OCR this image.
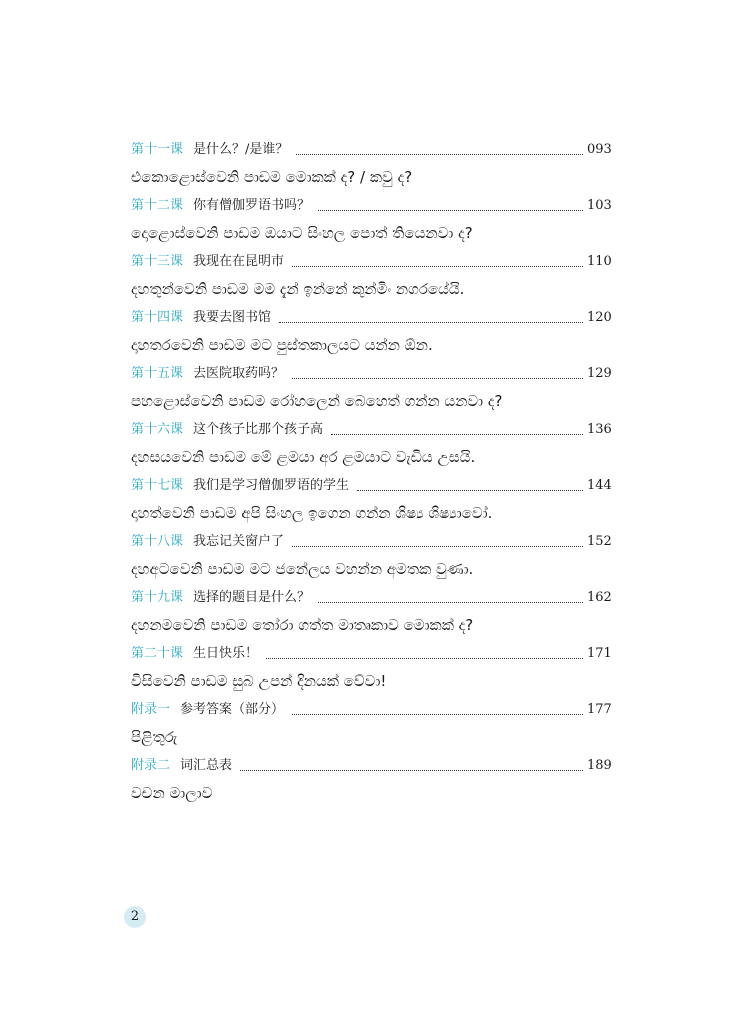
第十一课 是什么？/是谁？	093
එකොළොස්වෙනි පාඩම මොකක් ද? / කවු ද?
第十二课 你有僧伽罗语书吗？	103
දොළොස්වෙනි පාඩම ඔයාට සිංහල පොත් තියෙනවා ද?
第十三课 我现在在昆明市	110
දහතුන්වෙනි පාඩම මම දැන් ඉන්නේ කුන්මිං නගරයේයි.
第十四课 我要去图书馆	120
දාහතරවෙනි පාඩම මට පුස්තකාලයට යන්න ඕන.
第十五课 去医院取药吗？	129
පහළොස්වෙනි පාඩම රෝහලෙන් බෙහෙත් ගන්න යනවා ද?
第十六课 这个孩子比那个孩子高	136
දහසයවෙනි පාඩම මේ ළමයා අර ළමයාට වැඩිය උසයි.
第十七课 我们是学习僧伽罗语的学生	144
දාහත්වෙනි පාඩම අපි සිංහල ඉගෙන ගන්න ශිෂ්‍ය ශිෂ්‍යාවෝ.
第十八课 我忘记关窗户了	152
දහඅටවෙනි පාඩම මට ජනේලය වහන්න අමතක වුණා.
第十九课 选择的题目是什么？	162
දහනමවෙනි පාඩම තෝරා ගත්ත මාතෘකාව මොකක් ද?
第二十课 生日快乐！	171
විසිවෙනි පාඩම සුබ උපන් දිනයක් වේවා!
附录一 参考答案（部分）	177
පිළිතුරු
附录二 词汇总表	189
වචන මාලාව
2
